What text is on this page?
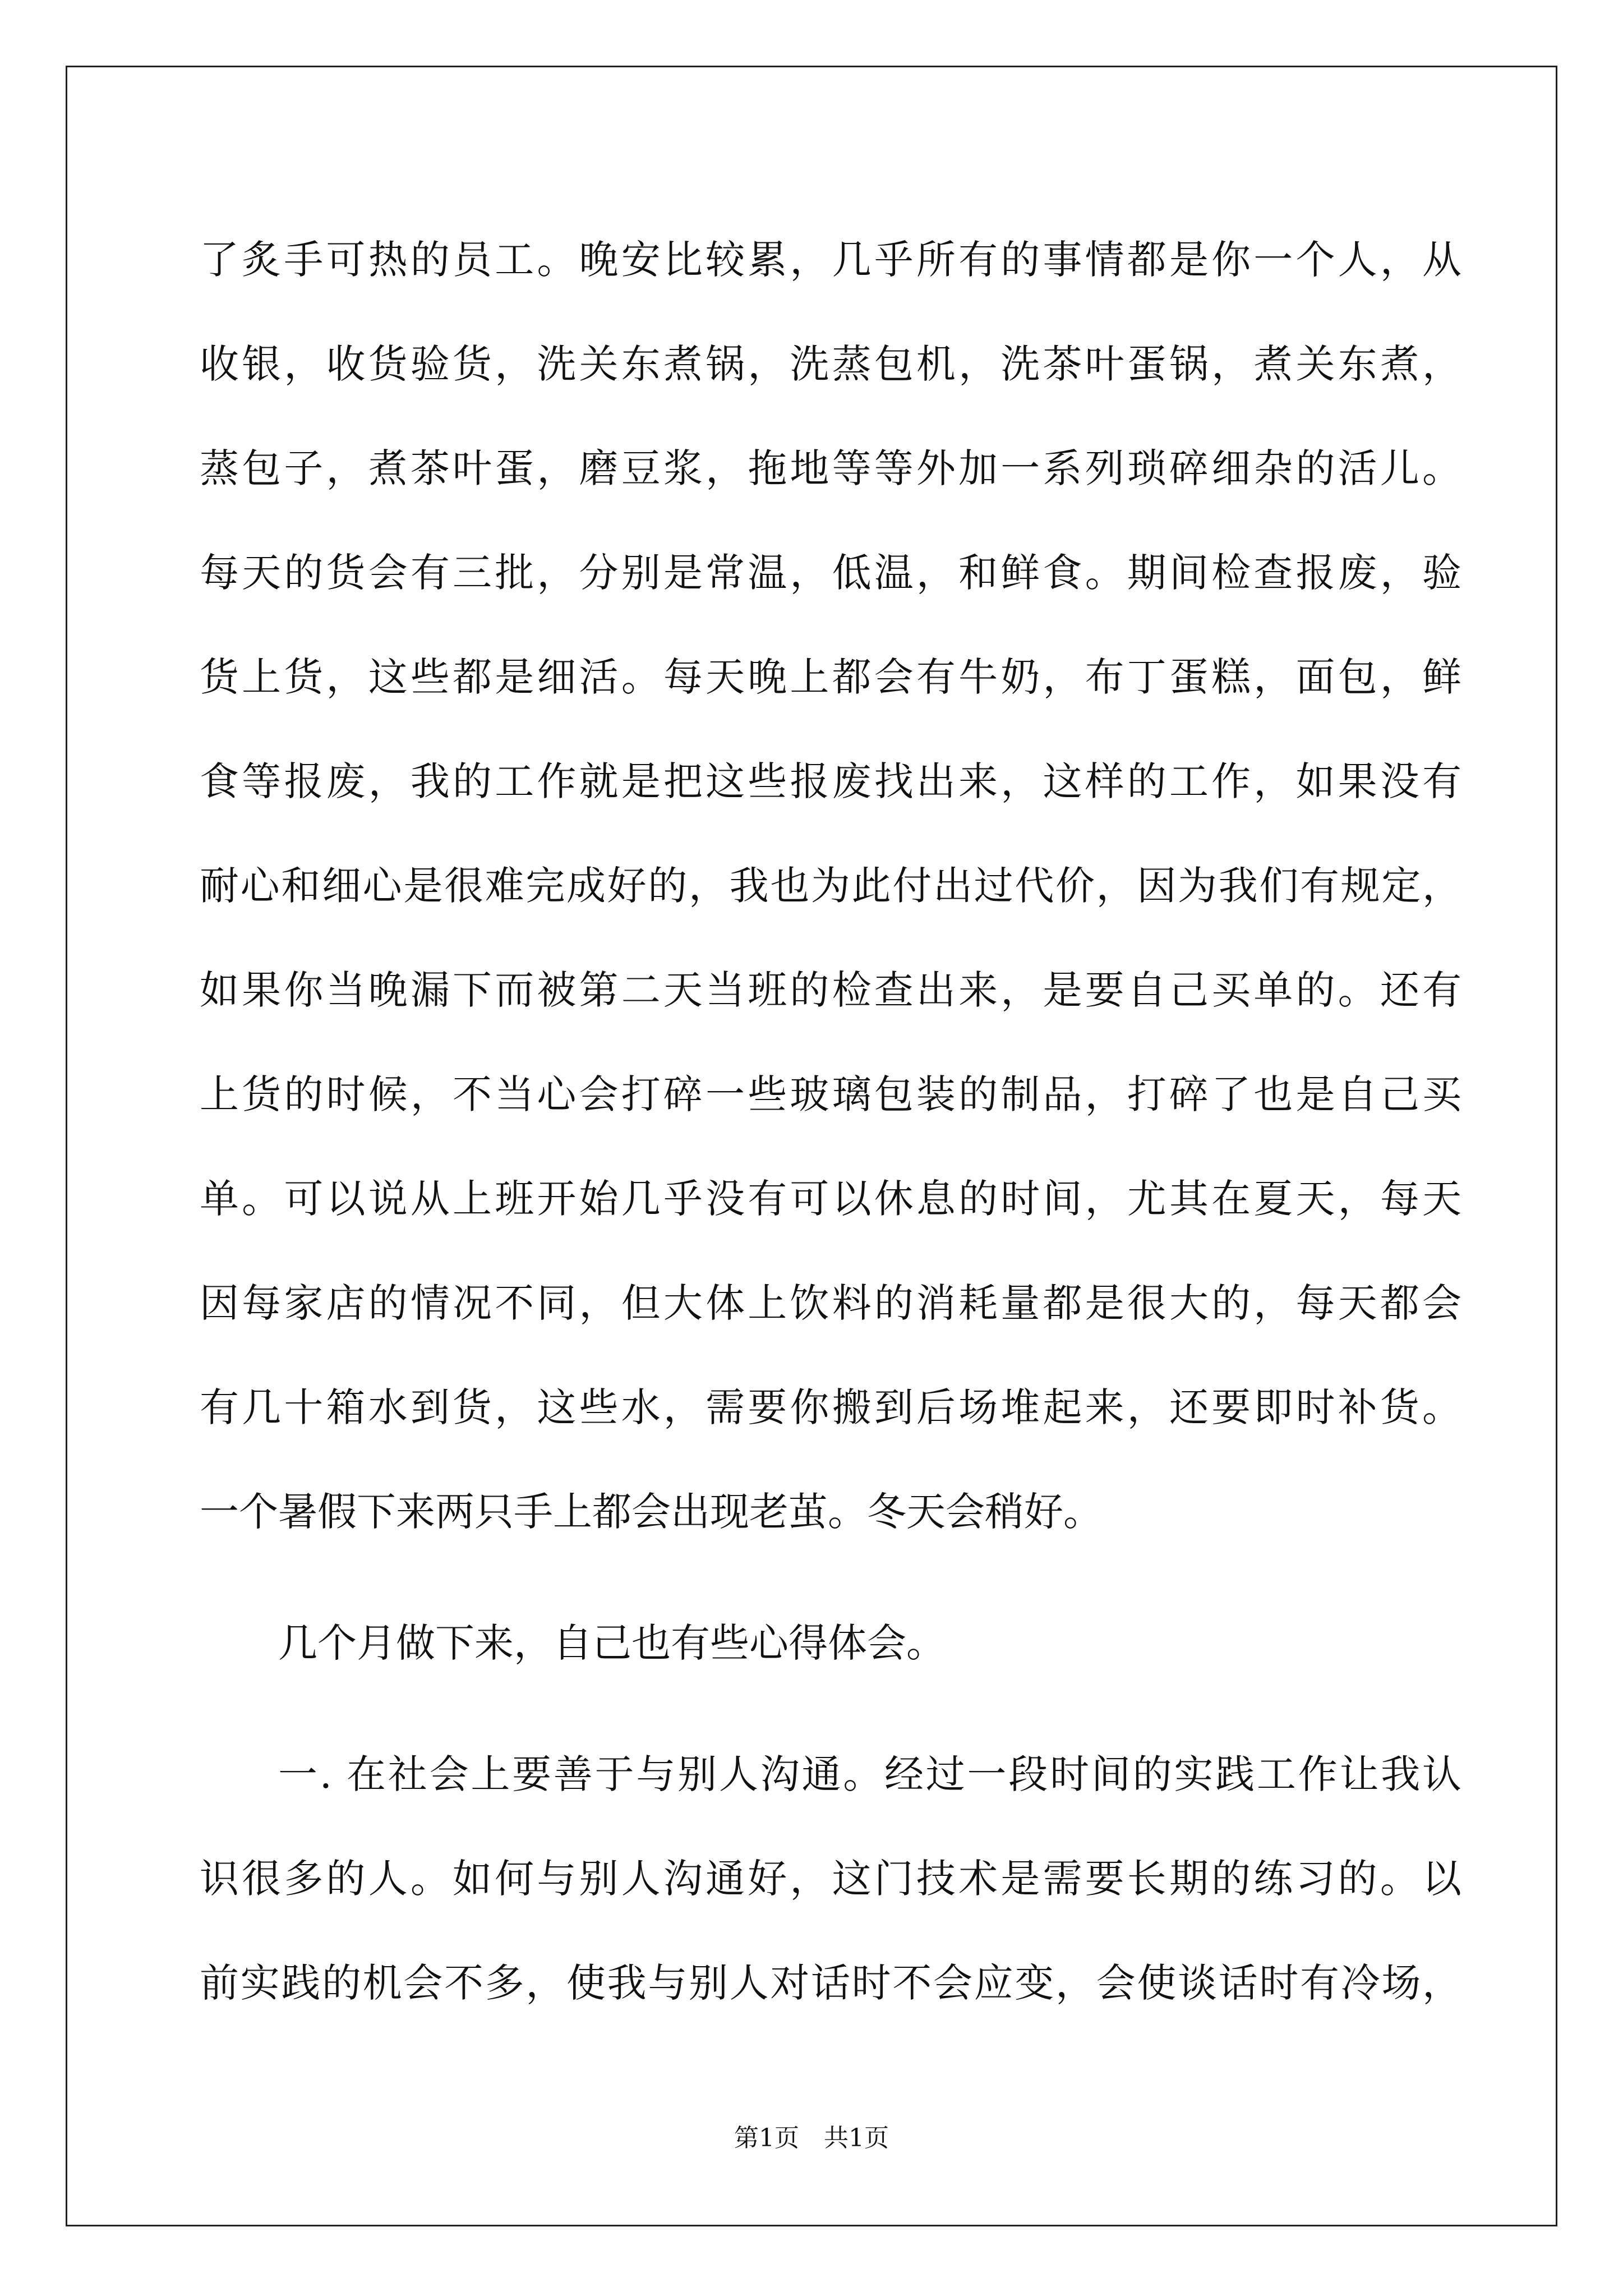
了炙手可热的员工。晚安比较累，几乎所有的事情都是你一个人，从
收银，收货验货，洗关东煮锅，洗蒸包机，洗茶叶蛋锅，煮关东煮，
蒸包子，煮茶叶蛋，磨豆浆，拖地等等外加一系列琐碎细杂的活儿。
每天的货会有三批，分别是常温，低温，和鲜食。期间检查报废，验
货上货，这些都是细活。每天晚上都会有牛奶，布丁蛋糕，面包，鲜
食等报废，我的工作就是把这些报废找出来，这样的工作，如果没有
耐心和细心是很难完成好的，我也为此付出过代价，因为我们有规定，
如果你当晚漏下而被第二天当班的检查出来，是要自己买单的。还有
上货的时候，不当心会打碎一些玻璃包装的制品，打碎了也是自己买
单。可以说从上班开始几乎没有可以休息的时间，尤其在夏天，每天
因每家店的情况不同，但大体上饮料的消耗量都是很大的，每天都会
有几十箱水到货，这些水，需要你搬到后场堆起来，还要即时补货。
一个暑假下来两只手上都会出现老茧。冬天会稍好。
几个月做下来，自己也有些心得体会。
一. 在社会上要善于与别人沟通。经过一段时间的实践工作让我认
识很多的人。如何与别人沟通好，这门技术是需要长期的练习的。以
前实践的机会不多，使我与别人对话时不会应变，会使谈话时有冷场，
第1页　共1页
